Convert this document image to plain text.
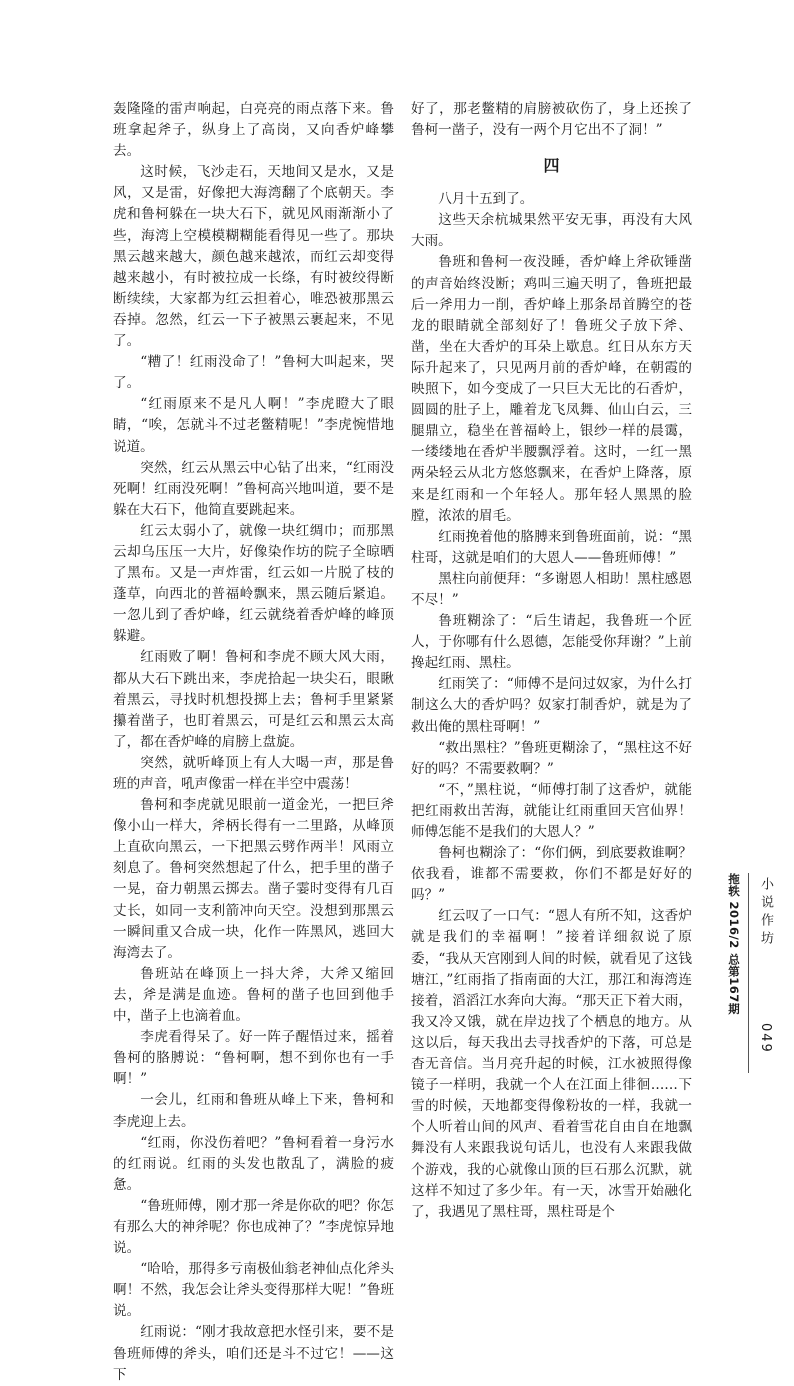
轰隆隆的雷声响起，白亮亮的雨点落下来。鲁班拿起斧子，纵身上了高岗，又向香炉峰攀去。

这时候，飞沙走石，天地间又是水，又是风，又是雷，好像把大海湾翻了个底朝天。李虎和鲁柯躲在一块大石下，就见风雨渐渐小了些，海湾上空模模糊糊能看得见一些了。那块黑云越来越大，颜色越来越浓，而红云却变得越来越小，有时被拉成一长绦，有时被绞得断断续续，大家都为红云担着心，唯恐被那黑云吞掉。忽然，红云一下子被黑云裹起来，不见了。

“糟了！红雨没命了！”鲁柯大叫起来，哭了。

“红雨原来不是凡人啊！”李虎瞪大了眼睛，“唉，怎就斗不过老鳖精呢！”李虎惋惜地说道。

突然，红云从黑云中心钻了出来，“红雨没死啊！红雨没死啊！”鲁柯高兴地叫道，要不是躲在大石下，他简直要跳起来。

红云太弱小了，就像一块红绸巾；而那黑云却乌压压一大片，好像染作坊的院子全晾晒了黑布。又是一声炸雷，红云如一片脱了枝的蓬草，向西北的普福岭飘来，黑云随后紧追。一忽儿到了香炉峰，红云就绕着香炉峰的峰顶躲避。

红雨败了啊！鲁柯和李虎不顾大风大雨，都从大石下跳出来，李虎拾起一块尖石，眼瞅着黑云，寻找时机想投掷上去；鲁柯手里紧紧攥着凿子，也盯着黑云，可是红云和黑云太高了，都在香炉峰的肩膀上盘旋。

突然，就听峰顶上有人大喝一声，那是鲁班的声音，吼声像雷一样在半空中震荡！

鲁柯和李虎就见眼前一道金光，一把巨斧像小山一样大，斧柄长得有一二里路，从峰顶上直砍向黑云，一下把黑云劈作两半！风雨立刻息了。鲁柯突然想起了什么，把手里的凿子一晃，奋力朝黑云掷去。凿子霎时变得有几百丈长，如同一支利箭冲向天空。没想到那黑云一瞬间重又合成一块，化作一阵黑风，逃回大海湾去了。

鲁班站在峰顶上一抖大斧，大斧又缩回去，斧是满是血迹。鲁柯的凿子也回到他手中，凿子上也滴着血。

李虎看得呆了。好一阵子醒悟过来，摇着鲁柯的胳膊说：“鲁柯啊，想不到你也有一手啊！”

一会儿，红雨和鲁班从峰上下来，鲁柯和李虎迎上去。

“红雨，你没伤着吧？”鲁柯看着一身污水的红雨说。红雨的头发也散乱了，满脸的疲惫。

“鲁班师傅，刚才那一斧是你砍的吧？你怎有那么大的神斧呢？你也成神了？”李虎惊异地说。

“哈哈，那得多亏南极仙翁老神仙点化斧头啊！不然，我怎会让斧头变得那样大呢！”鲁班说。

红雨说：“刚才我故意把水怪引来，要不是鲁班师傅的斧头，咱们还是斗不过它！——这下

好了，那老鳖精的肩膀被砍伤了，身上还挨了鲁柯一凿子，没有一两个月它出不了洞！”

四

八月十五到了。

这些天余杭城果然平安无事，再没有大风大雨。

鲁班和鲁柯一夜没睡，香炉峰上斧砍锤凿的声音始终没断；鸡叫三遍天明了，鲁班把最后一斧用力一削，香炉峰上那条昂首腾空的苍龙的眼睛就全部刻好了！鲁班父子放下斧、凿，坐在大香炉的耳朵上歇息。红日从东方天际升起来了，只见两月前的香炉峰，在朝霞的映照下，如今变成了一只巨大无比的石香炉，圆圆的肚子上，雕着龙飞凤舞、仙山白云，三腿鼎立，稳坐在普福岭上，银纱一样的晨霭，一缕缕地在香炉半腰飘浮着。这时，一红一黑两朵轻云从北方悠悠飘来，在香炉上降落，原来是红雨和一个年轻人。那年轻人黑黑的脸膛，浓浓的眉毛。

红雨挽着他的胳膊来到鲁班面前，说：“黑柱哥，这就是咱们的大恩人——鲁班师傅！”

黑柱向前便拜：“多谢恩人相助！黑柱感恩不尽！”

鲁班糊涂了：“后生请起，我鲁班一个匠人，于你哪有什么恩德，怎能受你拜谢？”上前搀起红雨、黑柱。

红雨笑了：“师傅不是问过奴家，为什么打制这么大的香炉吗？奴家打制香炉，就是为了救出俺的黑柱哥啊！”

“救出黑柱？”鲁班更糊涂了，“黑柱这不好好的吗？不需要救啊？”

“不，”黑柱说，“师傅打制了这香炉，就能把红雨救出苦海，就能让红雨重回天宫仙界！师傅怎能不是我们的大恩人？”

鲁柯也糊涂了：“你们俩，到底要救谁啊？依我看，谁都不需要救，你们不都是好好的吗？”

红云叹了一口气：“恩人有所不知，这香炉就是我们的幸福啊！”接着详细叙说了原委，“我从天宫刚到人间的时候，就看见了这钱塘江，”红雨指了指南面的大江，那江和海湾连接着，滔滔江水奔向大海。“那天正下着大雨，我又冷又饿，就在岸边找了个栖息的地方。从这以后，每天我出去寻找香炉的下落，可总是杳无音信。当月亮升起的时候，江水被照得像镜子一样明，我就一个人在江面上徘徊……下雪的时候，天地都变得像粉妆的一样，我就一个人听着山间的风声、看着雪花自由自在地飘舞没有人来跟我说句话儿，也没有人来跟我做个游戏，我的心就像山顶的巨石那么沉默，就这样不知过了多少年。有一天，冰雪开始融化了，我遇见了黑柱哥，黑柱哥是个

拖轶 2016/2 总第167期 小说作坊
049
